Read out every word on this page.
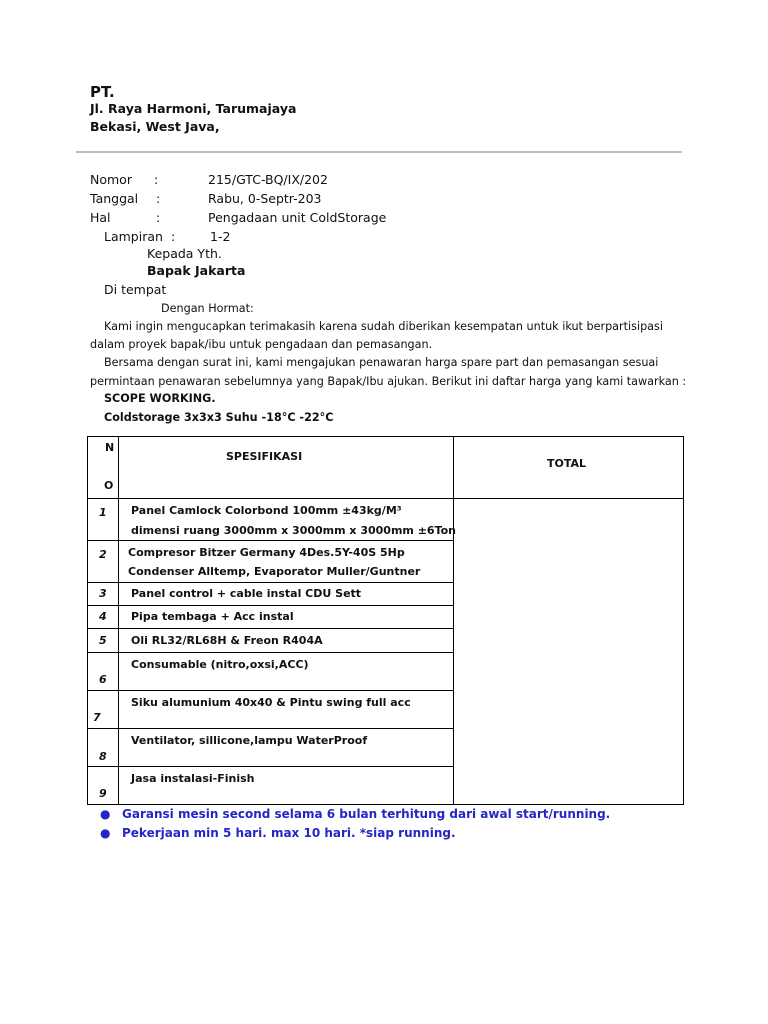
PT.
Jl. Raya Harmoni, Tarumajaya
Bekasi, West Java,
Nomor :	215/GTC-BQ/IX/202
Tanggal :	Rabu, 0-Septr-203
Hal	:	Pengadaan unit ColdStorage
Lampiran :	1-2
Kepada Yth.
Bapak Jakarta
Di tempat
Dengan Hormat:
Kami ingin mengucapkan terimakasih karena sudah diberikan kesempatan untuk ikut berpartisipasi
dalam proyek bapak/ibu untuk pengadaan dan pemasangan.
Bersama dengan surat ini, kami mengajukan penawaran harga spare part dan pemasangan sesuai
permintaan penawaran sebelumnya yang Bapak/Ibu ajukan. Berikut ini daftar harga yang kami tawarkan :
SCOPE WORKING.
Coldstorage 3x3x3 Suhu -18°C -22°C
N
O	SPESIFIKASI	TOTAL

1	Panel Camlock Colorbond 100mm ±43kg/M³
dimensi ruang 3000mm x 3000mm x 3000mm ±6Ton	

2	Compresor Bitzer Germany 4Des.5Y-40S 5Hp
Condenser Alltemp, Evaporator Muller/Guntner	

3	Panel control + cable instal CDU Sett	

4	Pipa tembaga + Acc instal	

5	Oli RL32/RL68H & Freon R404A	

6	Consumable (nitro,oxsi,ACC)	

7	Siku alumunium 40x40 & Pintu swing full acc	

8	Ventilator, sillicone,lampu WaterProof	

9	Jasa instalasi-Finish	
● Garansi mesin second selama 6 bulan terhitung dari awal start/running.
● Pekerjaan min 5 hari. max 10 hari. *siap running.
